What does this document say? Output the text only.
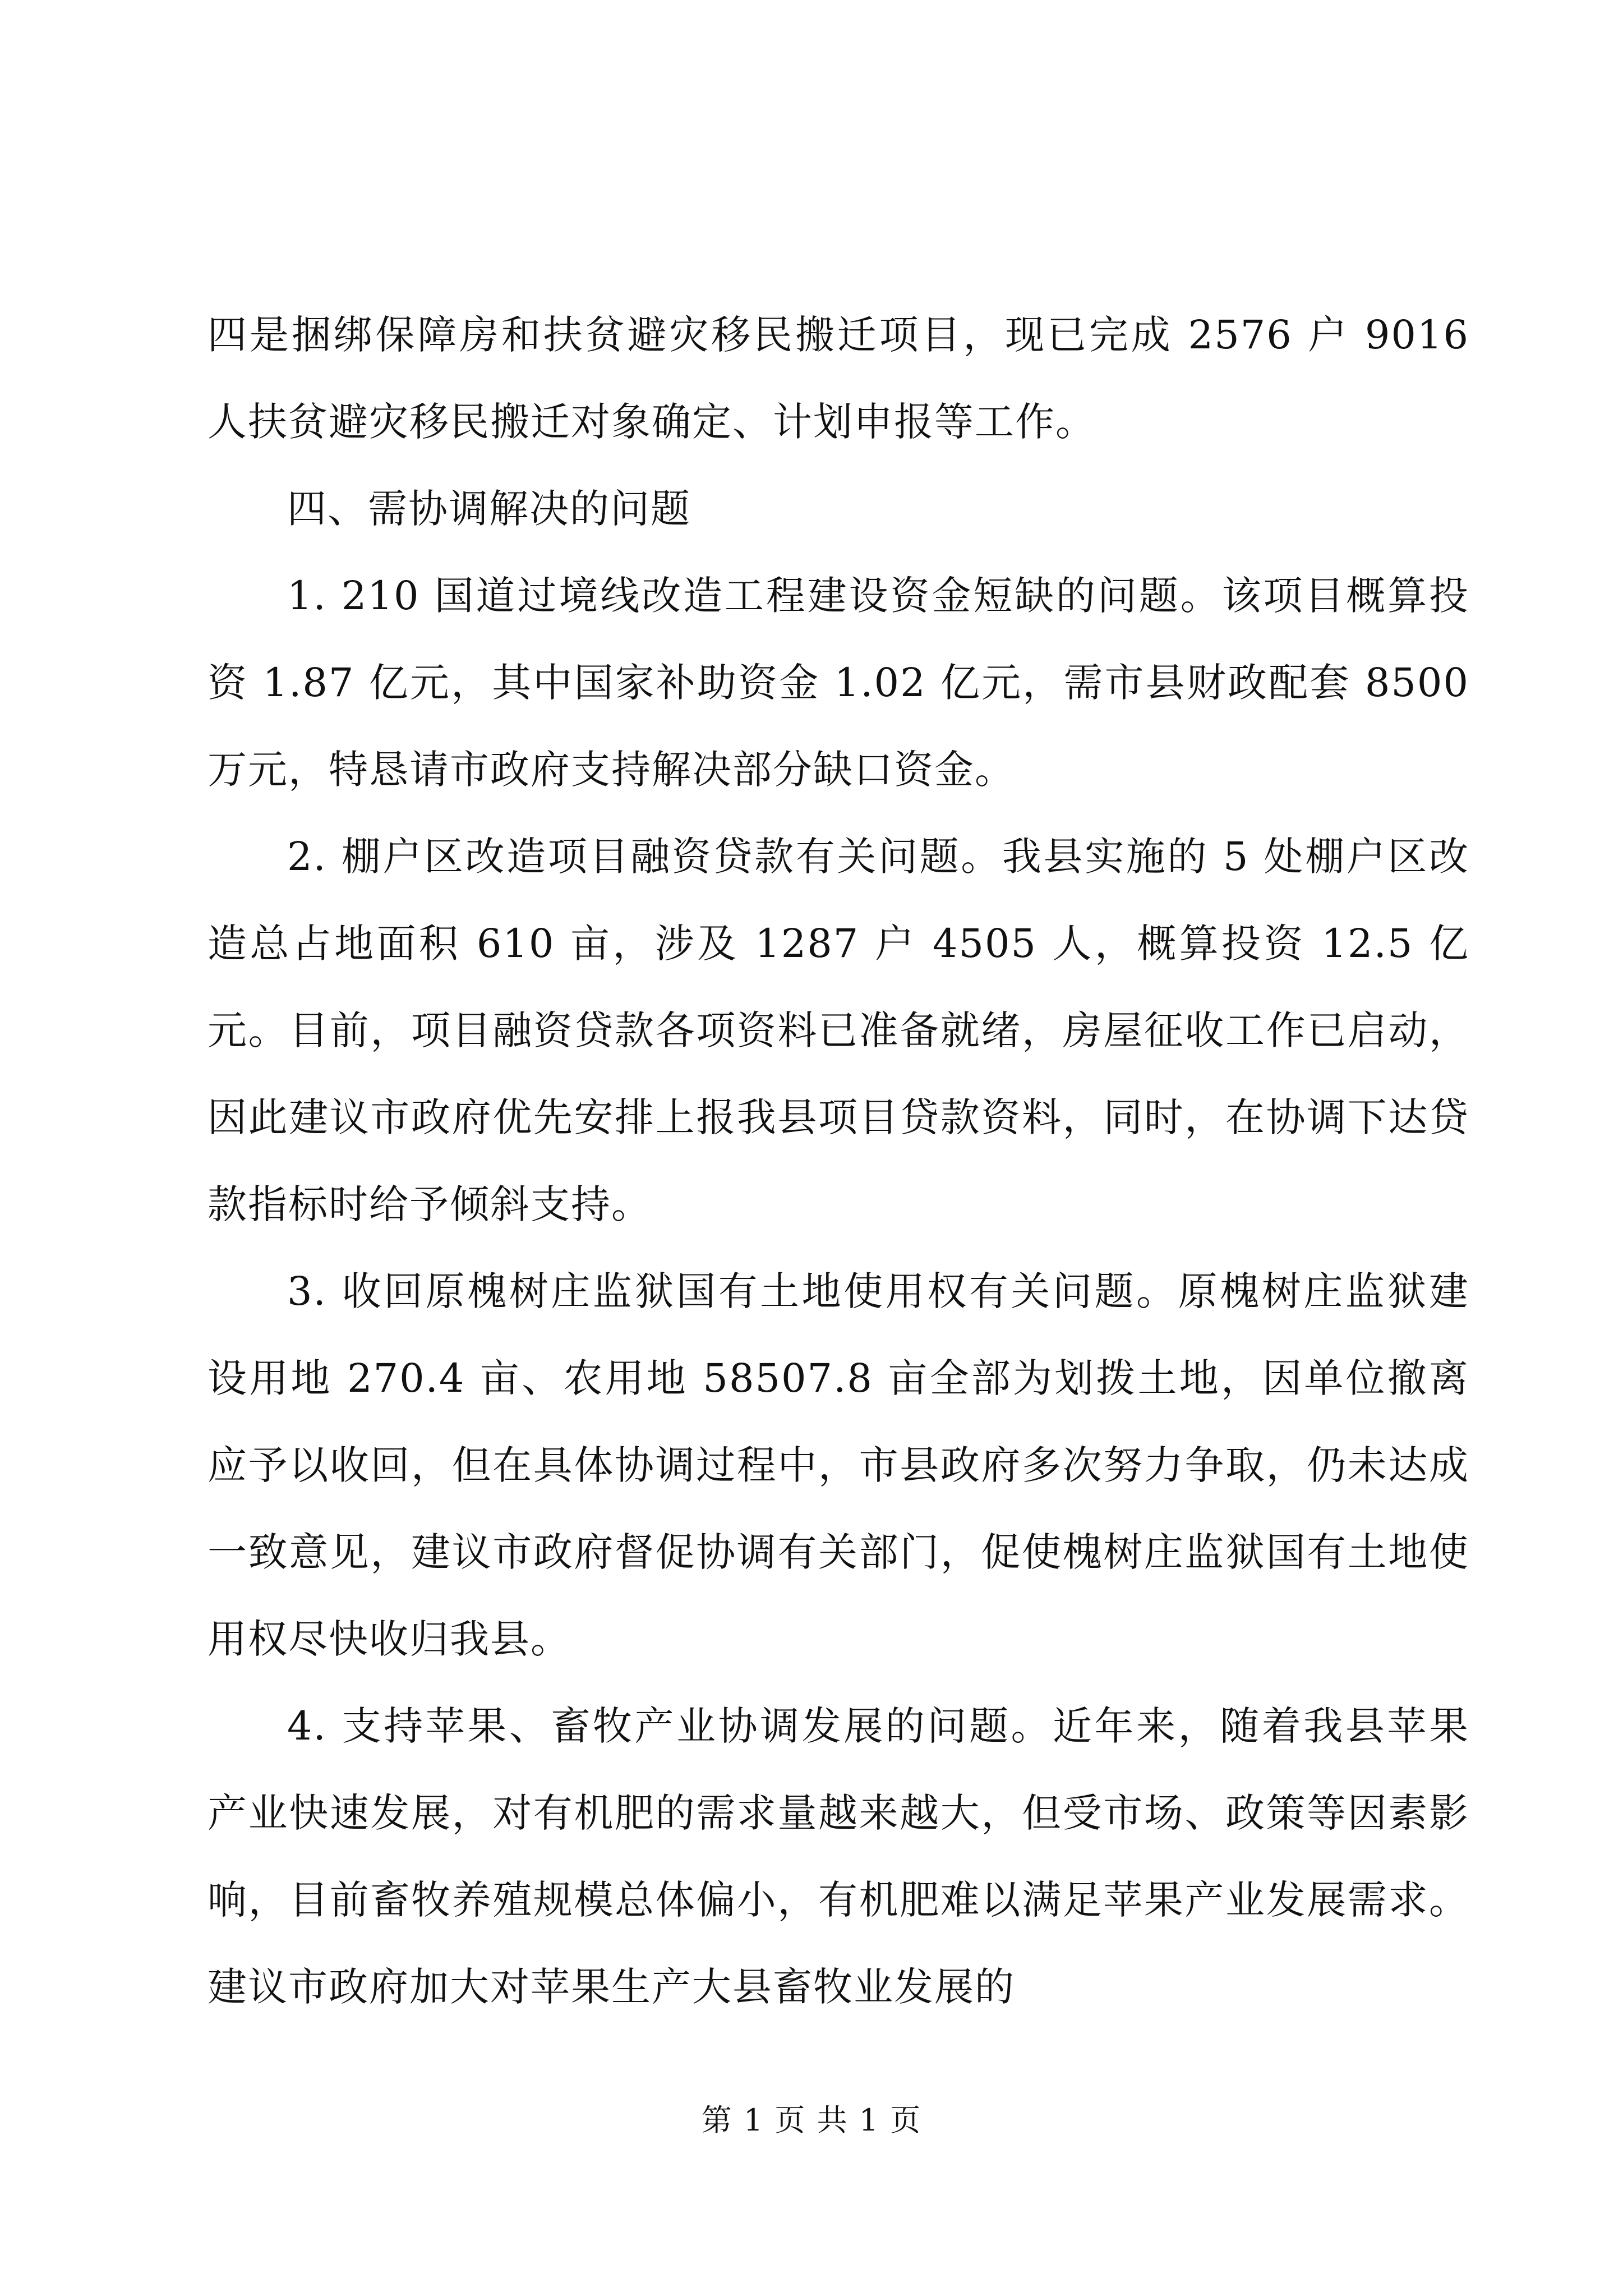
四是捆绑保障房和扶贫避灾移民搬迁项目，现已完成 2576 户 9016 人扶贫避灾移民搬迁对象确定、计划申报等工作。

四、需协调解决的问题

1. 210 国道过境线改造工程建设资金短缺的问题。该项目概算投资 1.87 亿元，其中国家补助资金 1.02 亿元，需市县财政配套 8500 万元，特恳请市政府支持解决部分缺口资金。

2. 棚户区改造项目融资贷款有关问题。我县实施的 5 处棚户区改造总占地面积 610 亩，涉及 1287 户 4505 人，概算投资 12.5 亿元。目前，项目融资贷款各项资料已准备就绪，房屋征收工作已启动，因此建议市政府优先安排上报我县项目贷款资料，同时，在协调下达贷款指标时给予倾斜支持。

3. 收回原槐树庄监狱国有土地使用权有关问题。原槐树庄监狱建设用地 270.4 亩、农用地 58507.8 亩全部为划拨土地，因单位撤离应予以收回，但在具体协调过程中，市县政府多次努力争取，仍未达成一致意见，建议市政府督促协调有关部门，促使槐树庄监狱国有土地使用权尽快收归我县。

4. 支持苹果、畜牧产业协调发展的问题。近年来，随着我县苹果产业快速发展，对有机肥的需求量越来越大，但受市场、政策等因素影响，目前畜牧养殖规模总体偏小，有机肥难以满足苹果产业发展需求。建议市政府加大对苹果生产大县畜牧业发展的

第 1 页 共 1 页
